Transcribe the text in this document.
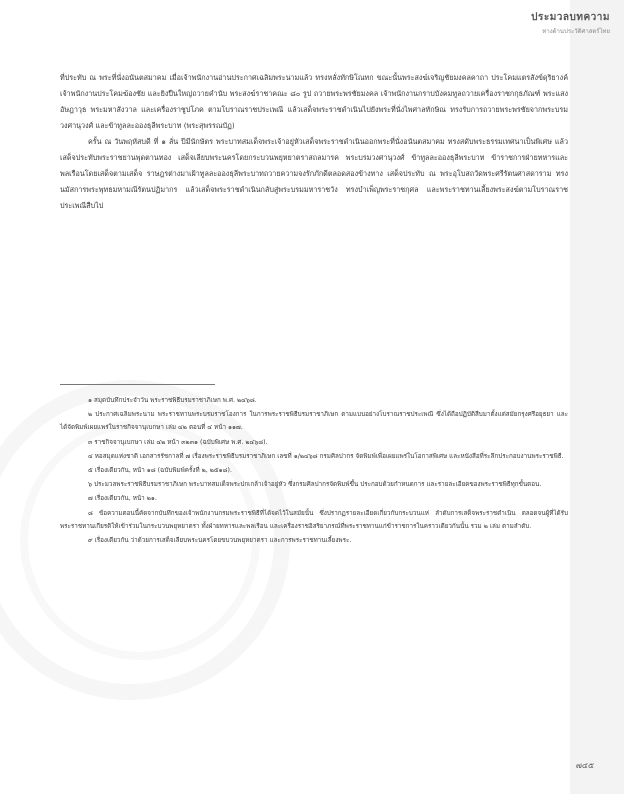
ประมวลบทความ
ทางด้านประวัติศาสตร์ไทย

ที่ประทับ ณ พระที่นั่งอนันตสมาคม เมื่อเจ้าพนักงานอ่านประกาศเฉลิมพระนามแล้ว ทรงหลั่งทักษิโณทก ขณะนั้นพระสงฆ์เจริญชัยมงคลคาถา ประโคมแตรสังข์ดุริยางค์ เจ้าพนักงานประโคมฆ้องชัย และยิงปืนใหญ่ถวายคำนับ พระสงฆ์ราชาคณะ ๘๐ รูป ถวายพระพรชัยมงคล เจ้าพนักงานกราบบังคมทูลถวายเครื่องราชกกุธภัณฑ์ พระแสงอัษฎาวุธ พระมหาสังวาล และเครื่องราชูปโภค ตามโบราณราชประเพณี แล้วเสด็จพระราชดำเนินไปยังพระที่นั่งไพศาลทักษิณ ทรงรับการถวายพระพรชัยจากพระบรมวงศานุวงศ์ และข้าทูลละอองธุลีพระบาท (พระสุพรรณบัฏ)

ครั้น ณ วันพฤหัสบดี ที่ ๑ ลั่น ปีมีนักษัตร พระบาทสมเด็จพระเจ้าอยู่หัวเสด็จพระราชดำเนินออกพระที่นั่งอนันตสมาคม ทรงสดับพระธรรมเทศนาเป็นพิเศษ แล้วเสด็จประทับพระราชยานพุดตานทอง เสด็จเลียบพระนครโดยกระบวนพยุหยาตราสถลมารค พระบรมวงศานุวงศ์ ข้าทูลละอองธุลีพระบาท ข้าราชการฝ่ายทหารและพลเรือนโดยเสด็จตามเสด็จ ราษฎรต่างมาเฝ้าทูลละอองธุลีพระบาทถวายความจงรักภักดีตลอดสองข้างทาง เสด็จประทับ ณ พระอุโบสถวัดพระศรีรัตนศาสดาราม ทรงนมัสการพระพุทธมหามณีรัตนปฏิมากร แล้วเสด็จพระราชดำเนินกลับสู่พระบรมมหาราชวัง ทรงบำเพ็ญพระราชกุศล และพระราชทานเลี้ยงพระสงฆ์ตามโบราณราชประเพณีสืบไป

๑ สมุดบันทึกประจำวัน พระราชพิธีบรมราชาภิเษก พ.ศ. ๒๔๖๘.

๒ ประกาศเฉลิมพระนาม พระราชทานพระบรมราชโองการ ในการพระราชพิธีบรมราชาภิเษก ตามแบบอย่างโบราณราชประเพณี ซึ่งได้ถือปฏิบัติสืบมาตั้งแต่สมัยกรุงศรีอยุธยา และได้จัดพิมพ์เผยแพร่ในราชกิจจานุเบกษา เล่ม ๔๒ ตอนที่ ๔ หน้า ๑๑๗.

๓ ราชกิจจานุเบกษา เล่ม ๔๒ หน้า ๓๒๓๑ (ฉบับพิเศษ พ.ศ. ๒๔๖๘).

๔ หอสมุดแห่งชาติ เอกสารรัชกาลที่ ๗ เรื่องพระราชพิธีบรมราชาภิเษก เลขที่ ๑/๒๔๖๘ กรมศิลปากร จัดพิมพ์เพื่อเผยแพร่ในโอกาสพิเศษ และหนังสือที่ระลึกประกอบงานพระราชพิธี.

๕ เรื่องเดียวกัน, หน้า ๑๘ (ฉบับพิมพ์ครั้งที่ ๒, ๒๕๑๘).

๖ ประมวลพระราชพิธีบรมราชาภิเษก พระบาทสมเด็จพระปกเกล้าเจ้าอยู่หัว ซึ่งกรมศิลปากรจัดพิมพ์ขึ้น ประกอบด้วยกำหนดการ และรายละเอียดของพระราชพิธีทุกขั้นตอน.

๗ เรื่องเดียวกัน, หน้า ๒๑.

๘ ข้อความตอนนี้คัดจากบันทึกของเจ้าพนักงานกรมพระราชพิธีที่ได้จดไว้ในสมัยนั้น ซึ่งปรากฏรายละเอียดเกี่ยวกับกระบวนแห่ ลำดับการเสด็จพระราชดำเนิน ตลอดจนผู้ที่ได้รับพระราชทานเกียรติให้เข้าร่วมในกระบวนพยุหยาตรา ทั้งฝ่ายทหารและพลเรือน และเครื่องราชอิสริยาภรณ์ที่พระราชทานแก่ข้าราชการในคราวเดียวกันนั้น รวม ๒ เล่ม ตามลำดับ.

๙ เรื่องเดียวกัน ว่าด้วยการเสด็จเลียบพระนครโดยขบวนพยุหยาตรา และการพระราชทานเลี้ยงพระ.

๗๔๕
